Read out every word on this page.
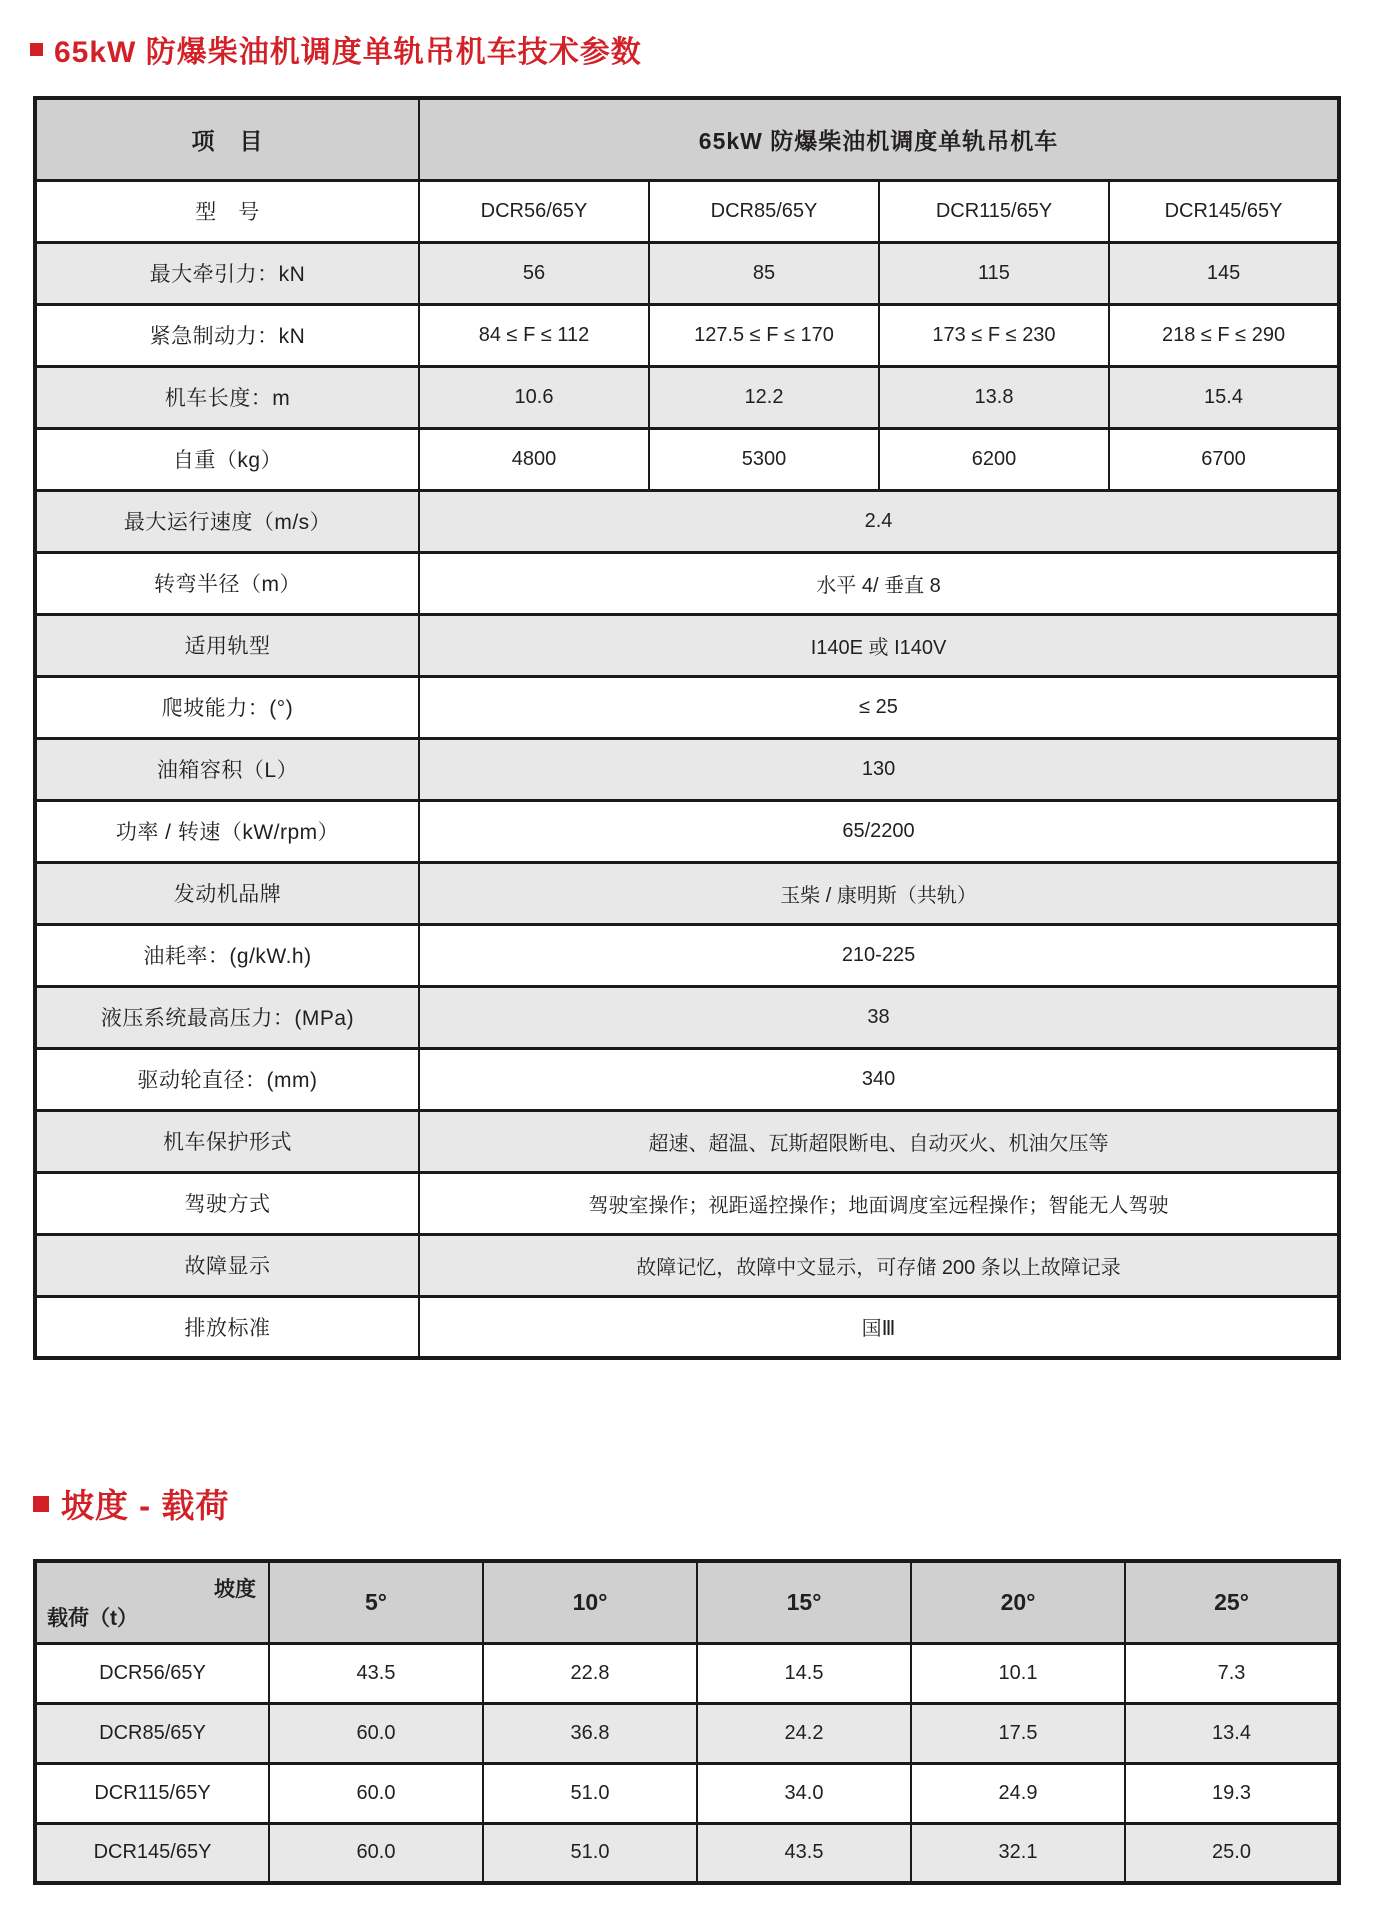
65kW 防爆柴油机调度单轨吊机车技术参数
项　目	65kW 防爆柴油机调度单轨吊机车			
型　号	DCR56/65Y	DCR85/65Y	DCR115/65Y	DCR145/65Y
最大牵引力：kN	56	85	115	145
紧急制动力：kN	84 ≤ F ≤ 112	127.5 ≤ F ≤ 170	173 ≤ F ≤ 230	218 ≤ F ≤ 290
机车长度：m	10.6	12.2	13.8	15.4
自重（kg）	4800	5300	6200	6700
最大运行速度（m/s）	2.4			
转弯半径（m）	水平 4/ 垂直 8			
适用轨型	I140E 或 I140V			
爬坡能力：(°)	≤ 25			
油箱容积（L）	130			
功率 / 转速（kW/rpm）	65/2200			
发动机品牌	玉柴 / 康明斯（共轨）			
油耗率：(g/kW.h)	210-225			
液压系统最高压力：(MPa)	38			
驱动轮直径：(mm)	340			
机车保护形式	超速、超温、瓦斯超限断电、自动灭火、机油欠压等			
驾驶方式	驾驶室操作；视距遥控操作；地面调度室远程操作；智能无人驾驶			
故障显示	故障记忆，故障中文显示，可存储 200 条以上故障记录			
排放标准	国Ⅲ			
坡度 - 载荷
坡度
载荷（t）	5°	10°	15°	20°	25°
DCR56/65Y	43.5	22.8	14.5	10.1	7.3
DCR85/65Y	60.0	36.8	24.2	17.5	13.4
DCR115/65Y	60.0	51.0	34.0	24.9	19.3
DCR145/65Y	60.0	51.0	43.5	32.1	25.0
